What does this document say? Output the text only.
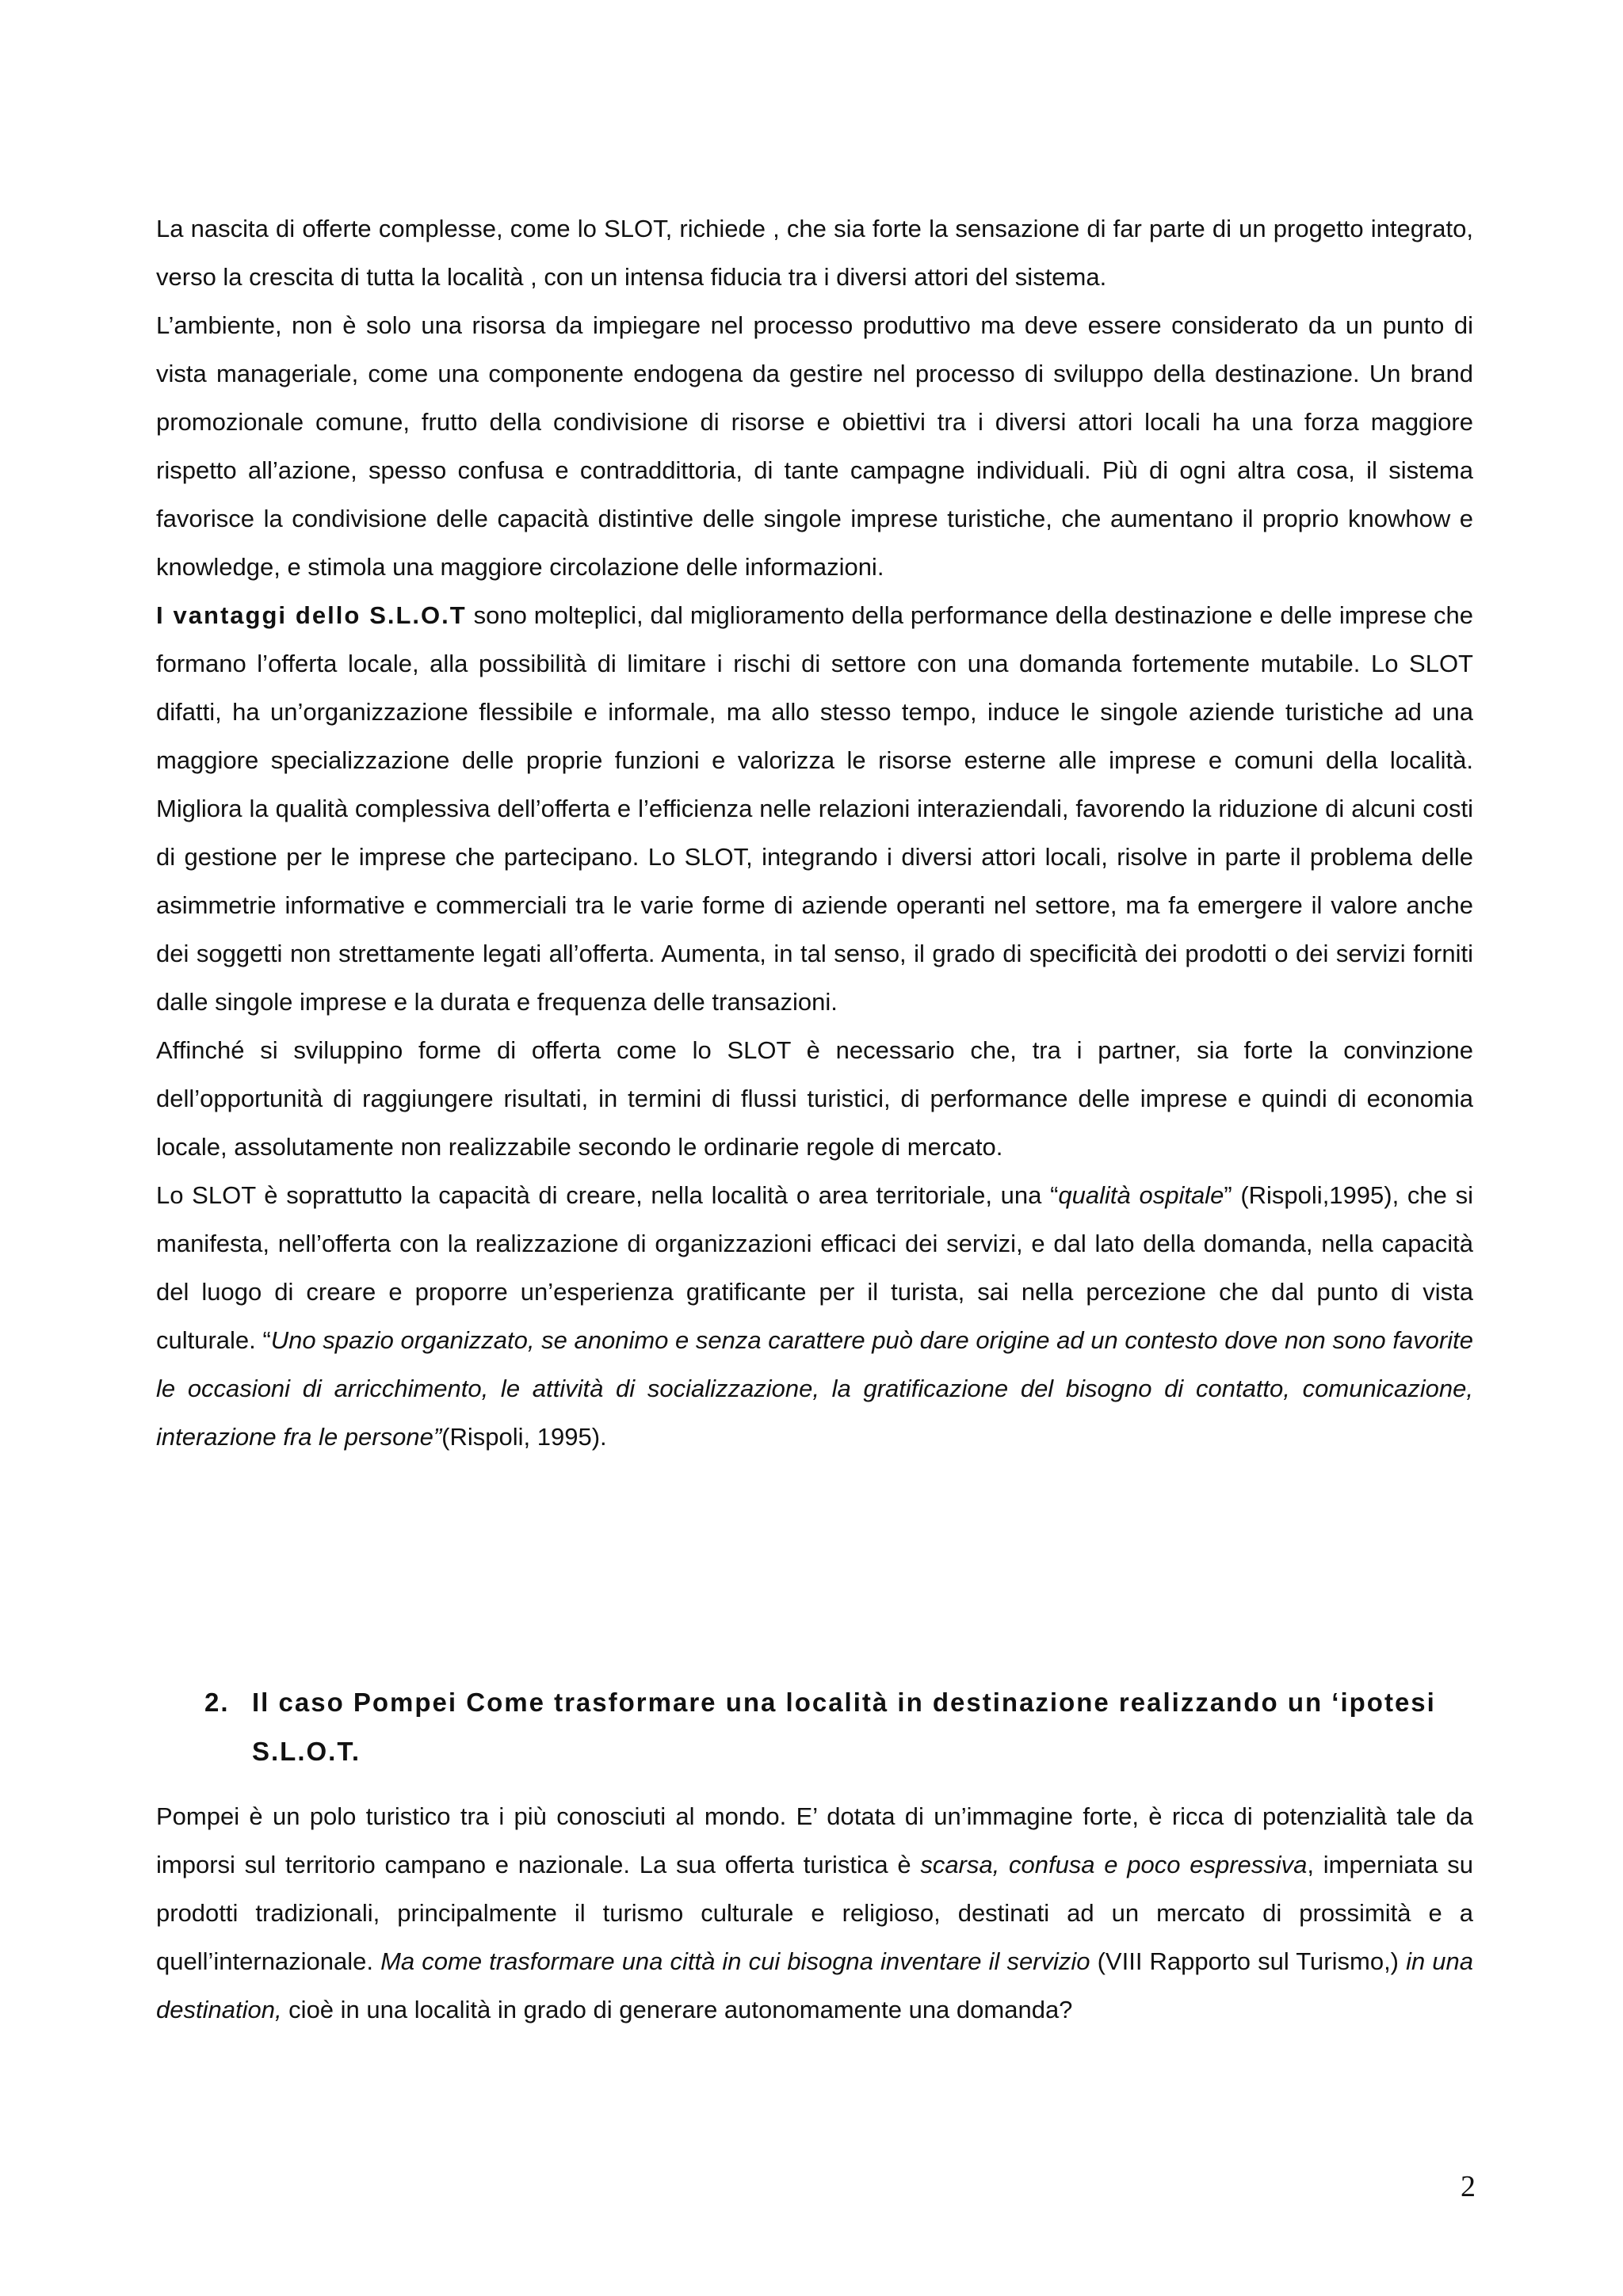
La nascita di offerte complesse, come lo SLOT, richiede , che sia forte la sensazione di far parte di un progetto integrato, verso la crescita di tutta la località , con un intensa fiducia tra i diversi attori del sistema.

L’ambiente, non è solo una risorsa da impiegare nel processo produttivo ma deve essere considerato da un punto di vista manageriale, come una componente endogena da gestire nel processo di sviluppo della destinazione. Un brand promozionale comune, frutto della condivisione di risorse e obiettivi tra i diversi attori locali ha una forza maggiore rispetto all’azione, spesso confusa e contraddittoria, di tante campagne individuali. Più di ogni altra cosa, il sistema favorisce la condivisione delle capacità distintive delle singole imprese turistiche, che aumentano il proprio knowhow e knowledge, e stimola una maggiore circolazione delle informazioni.

I vantaggi dello S.L.O.T sono molteplici, dal miglioramento della performance della destinazione e delle imprese che formano l’offerta locale, alla possibilità di limitare i rischi di settore con una domanda fortemente mutabile. Lo SLOT difatti, ha un’organizzazione flessibile e informale, ma allo stesso tempo, induce le singole aziende turistiche ad una maggiore specializzazione delle proprie funzioni e valorizza le risorse esterne alle imprese e comuni della località. Migliora la qualità complessiva dell’offerta e l’efficienza nelle relazioni interaziendali, favorendo la riduzione di alcuni costi di gestione per le imprese che partecipano. Lo SLOT, integrando i diversi attori locali, risolve in parte il problema delle asimmetrie informative e commerciali tra le varie forme di aziende operanti nel settore, ma fa emergere il valore anche dei soggetti non strettamente legati all’offerta. Aumenta, in tal senso, il grado di specificità dei prodotti o dei servizi forniti dalle singole imprese e la durata e frequenza delle transazioni.

Affinché si sviluppino forme di offerta come lo SLOT è necessario che, tra i partner, sia forte la convinzione dell’opportunità di raggiungere risultati, in termini di flussi turistici, di performance delle imprese e quindi di economia locale, assolutamente non realizzabile secondo le ordinarie regole di mercato.

Lo SLOT è soprattutto la capacità di creare, nella località o area territoriale, una “qualità ospitale” (Rispoli,1995), che si manifesta, nell’offerta con la realizzazione di organizzazioni efficaci dei servizi, e dal lato della domanda, nella capacità del luogo di creare e proporre un’esperienza gratificante per il turista, sai nella percezione che dal punto di vista culturale. “Uno spazio organizzato, se anonimo e senza carattere può dare origine ad un contesto dove non sono favorite le occasioni di arricchimento, le attività di socializzazione, la gratificazione del bisogno di contatto, comunicazione, interazione fra le persone”(Rispoli, 1995).

2. Il caso Pompei Come trasformare una località in destinazione realizzando un ‘ipotesi
S.L.O.T.

Pompei è un polo turistico tra i più conosciuti al mondo. E’ dotata di un’immagine forte, è ricca di potenzialità tale da imporsi sul territorio campano e nazionale. La sua offerta turistica è scarsa, confusa e poco espressiva, imperniata su prodotti tradizionali, principalmente il turismo culturale e religioso, destinati ad un mercato di prossimità e a quell’internazionale. Ma come trasformare una città in cui bisogna inventare il servizio (VIII Rapporto sul Turismo,) in una destination, cioè in una località in grado di generare autonomamente una domanda?

2
